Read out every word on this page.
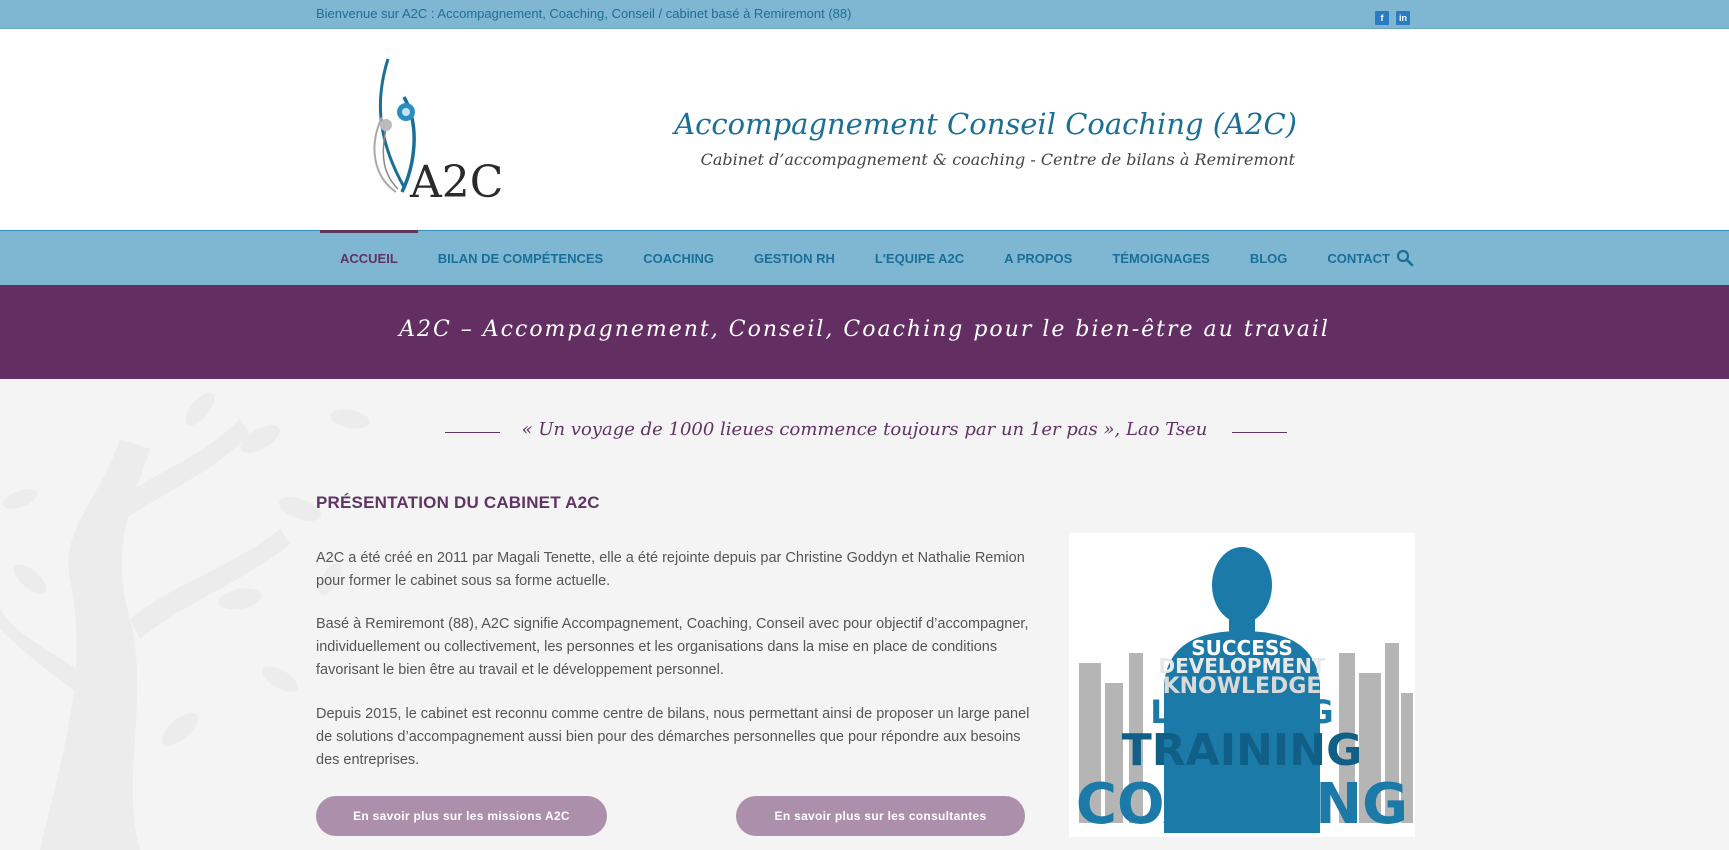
Bienvenue sur A2C : Accompagnement, Coaching, Conseil / cabinet basé à Remiremont (88)	f	in
A2C
Accompagnement Conseil Coaching (A2C)
Cabinet d’accompagnement & coaching - Centre de bilans à Remiremont
ACCUEIL	BILAN DE COMPÉTENCES	COACHING	GESTION RH	L'EQUIPE A2C	A PROPOS	TÉMOIGNAGES	BLOG	CONTACT
A2C – Accompagnement, Conseil, Coaching pour le bien-être au travail
« Un voyage de 1000 lieues commence toujours par un 1er pas », Lao Tseu
PRÉSENTATION DU CABINET A2C

A2C a été créé en 2011 par Magali Tenette, elle a été rejointe depuis par Christine Goddyn et Nathalie Remion pour former le cabinet sous sa forme actuelle.

Basé à Remiremont (88), A2C signifie Accompagnement, Coaching, Conseil avec pour objectif d’accompagner, individuellement ou collectivement, les personnes et les organisations dans la mise en place de conditions favorisant le bien être au travail et le développement personnel.

Depuis 2015, le cabinet est reconnu comme centre de bilans, nous permettant ainsi de proposer un large panel de solutions d’accompagnement aussi bien pour des démarches personnelles que pour répondre aux besoins des entreprises.

En savoir plus sur les missions A2C	En savoir plus sur les consultantes
SUCCESS
DEVELOPMENT
KNOWLEDGE
LEARNING
TRAINING
COACHING
